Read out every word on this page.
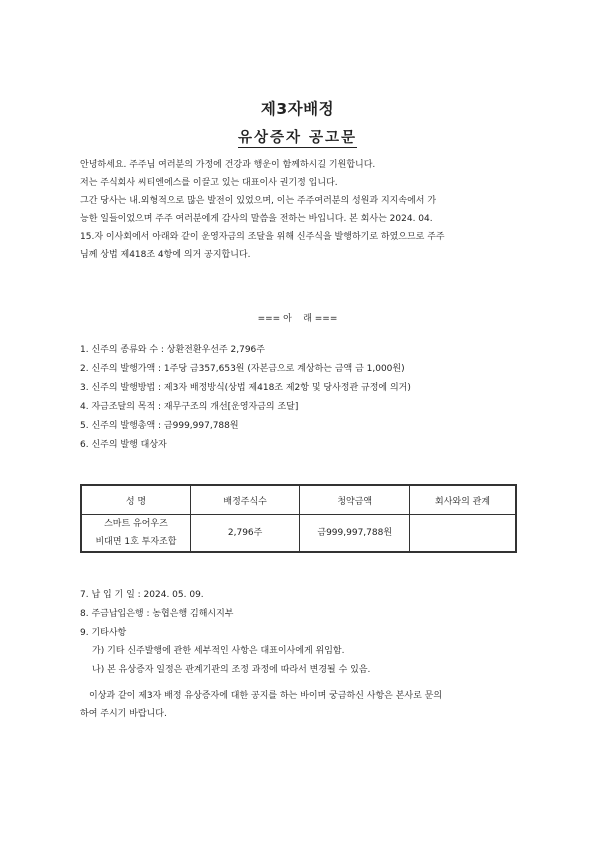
제3자배정
유상증자 공고문
안녕하세요. 주주님 여러분의 가정에 건강과 행운이 함께하시길 기원합니다.
저는 주식회사 씨티엔에스를 이끌고 있는 대표이사 권기정 입니다.
그간 당사는 내.외형적으로 많은 발전이 있었으며, 이는 주주여러분의 성원과 지지속에서 가
능한 일들이었으며 주주 여러분에게 감사의 말씀을 전하는 바입니다. 본 회사는 2024. 04.
15.자 이사회에서 아래와 같이 운영자금의 조달을 위해 신주식을 발행하기로 하였으므로 주주
님께 상법 제418조 4항에 의거 공지합니다.
=== 아    래 ===
1. 신주의 종류와 수 : 상환전환우선주 2,796주
2. 신주의 발행가액 : 1주당 금357,653원 (자본금으로 계상하는 금액 금 1,000원)
3. 신주의 발행방법 : 제3자 배정방식(상법 제418조 제2항 및 당사정관 규정에 의거)
4. 자금조달의 목적 : 재무구조의 개선[운영자금의 조달]
5. 신주의 발행총액 : 금999,997,788원
6. 신주의 발행 대상자
성 명	배정주식수	청약금액	회사와의 관계

스마트 유어우즈
비대면 1호 투자조합	2,796주	금999,997,788원	
7. 납 입 기 일 : 2024. 05. 09.
8. 주금납입은행 : 농협은행 김해시지부
9. 기타사항
가) 기타 신주발행에 관한 세부적인 사항은 대표이사에게 위임함.
나) 본 유상증자 일정은 관계기관의 조정 과정에 따라서 변경될 수 있음.
이상과 같이 제3자 배정 유상증자에 대한 공지를 하는 바이며 궁금하신 사항은 본사로 문의
하여 주시기 바랍니다.
